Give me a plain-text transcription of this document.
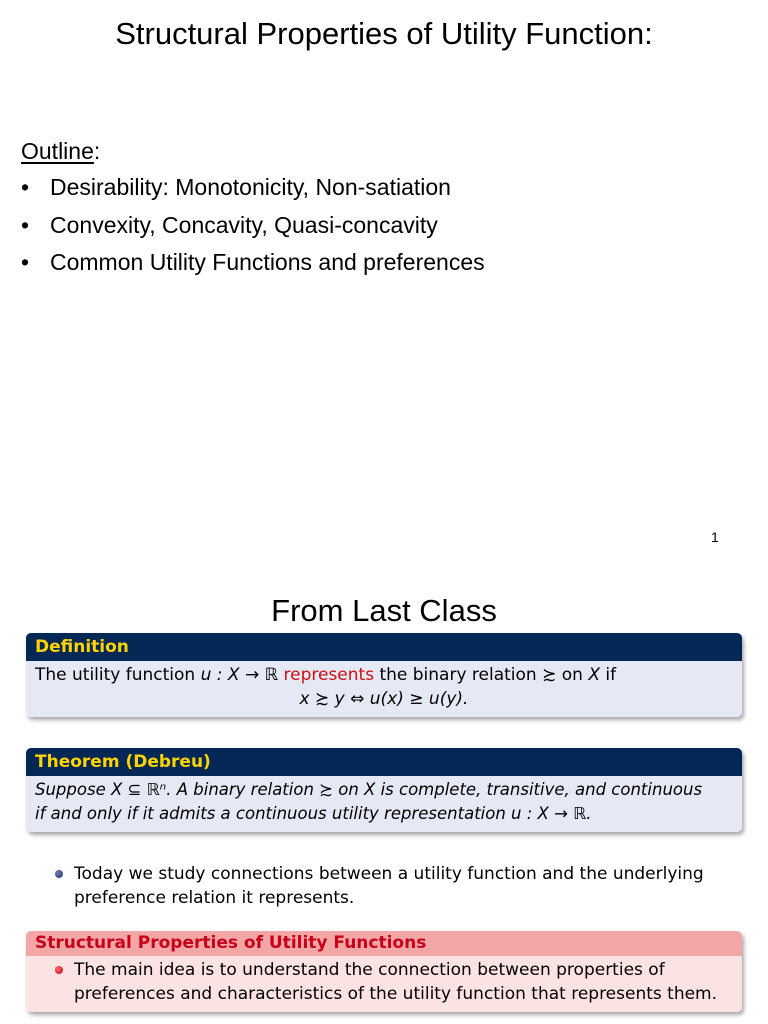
Structural Properties of Utility Function:
Outline:
• Desirability: Monotonicity, Non-satiation
• Convexity, Concavity, Quasi-concavity
• Common Utility Functions and preferences
1
From Last Class
Definition
The utility function u : X → ℝ represents the binary relation ≿ on X if
x ≿ y ⇔ u(x) ≥ u(y).
Theorem (Debreu)
Suppose X ⊆ ℝⁿ. A binary relation ≿ on X is complete, transitive, and continuous
if and only if it admits a continuous utility representation u : X → ℝ.
Today we study connections between a utility function and the underlying
preference relation it represents.
Structural Properties of Utility Functions
The main idea is to understand the connection between properties of
preferences and characteristics of the utility function that represents them.
